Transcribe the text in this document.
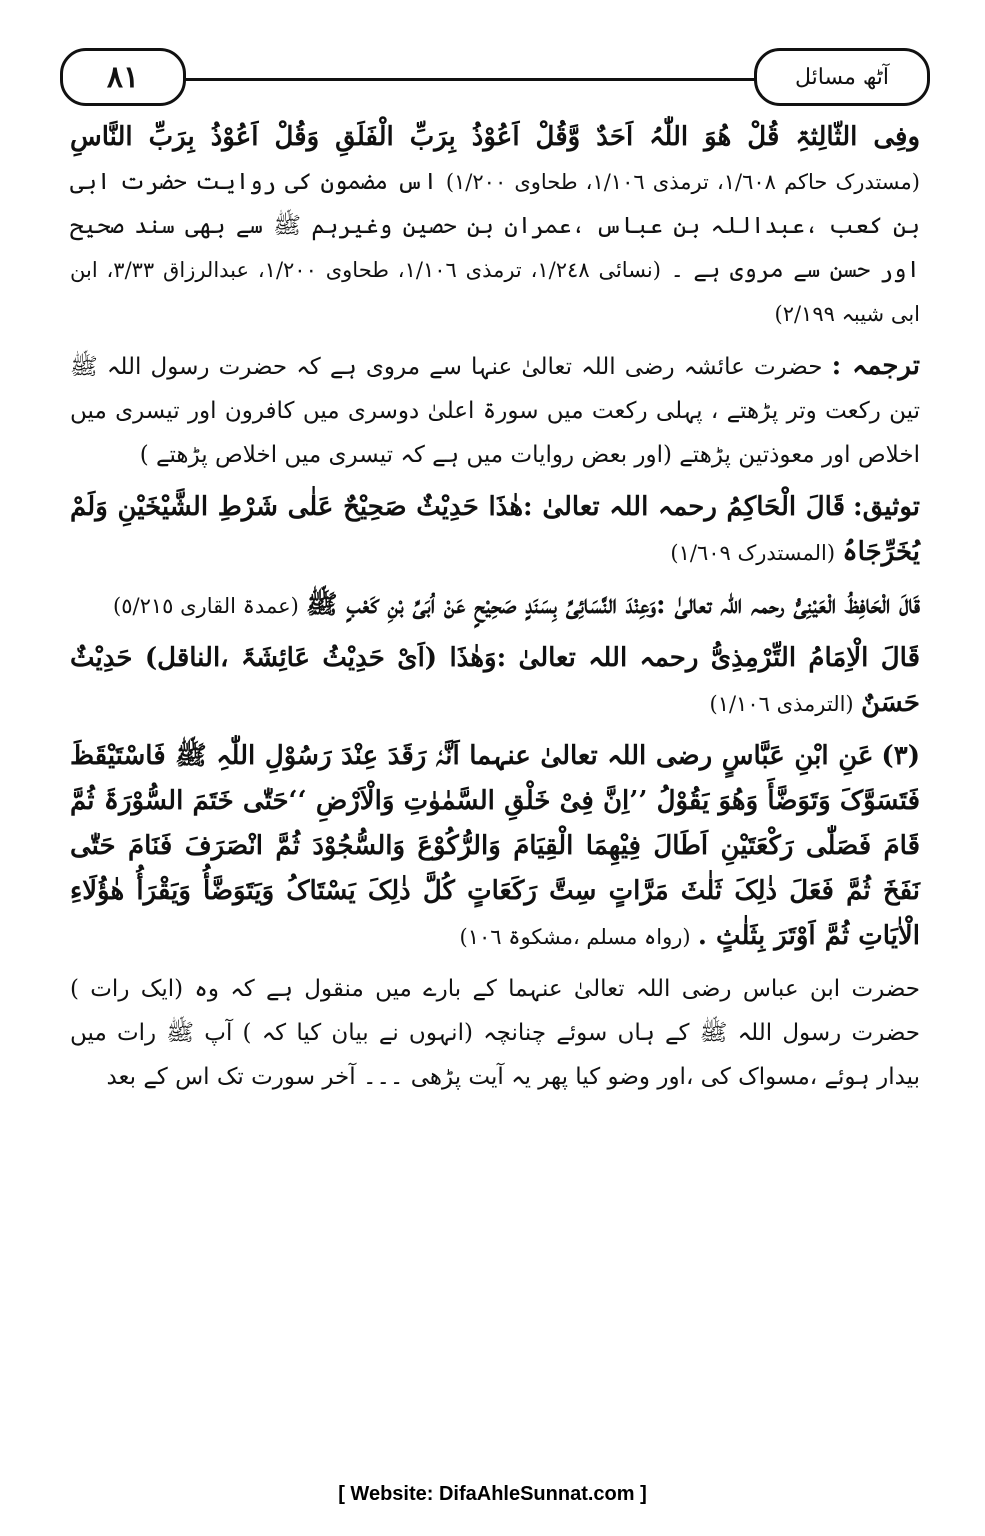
٨١	آٹھ مسائل

وفِی الثّالِثۃِ قُلْ ھُوَ اللّٰہُ اَحَدٌ وَّقُلْ اَعُوْذُ بِرَبِّ الْفَلَقِ وَقُلْ اَعُوْذُ بِرَبِّ النَّاسِ (مستدرک حاکم ١/٦٠٨، ترمذی ١/١٠٦، طحاوی ١/٢٠٠) اس مضمون کی روایت حضرت ابی بن کعب ،عبداللہ بن عباس ،عمران بن حصین وغیرہم ﷺ سے بھی سند صحیح اور حسن سے مروی ہے ۔ (نسائی ١/٢٤٨، ترمذی ١/١٠٦، طحاوی ١/٢٠٠، عبدالرزاق ٣/٣٣، ابن ابی شیبہ ٢/١٩٩)

ترجمہ : حضرت عائشہ رضی اللہ تعالیٰ عنہا سے مروی ہے کہ حضرت رسول اللہ ﷺ تین رکعت وتر پڑھتے ، پہلی رکعت میں سورۃ اعلیٰ دوسری میں کافرون اور تیسری میں اخلاص اور معوذتین پڑھتے (اور بعض روایات میں ہے کہ تیسری میں اخلاص پڑھتے )

توثیق: قَالَ الْحَاکِمُ رحمہ اللہ تعالیٰ :ھٰذَا حَدِیْثٌ صَحِیْحٌ عَلٰی شَرْطِ الشَّیْخَیْنِ وَلَمْ یُخَرِّجَاہُ (المستدرک ١/٦٠٩)

قَالَ الْحَافِظُ الْعَیْنِیُّ رحمہ اللہ تعالیٰ :وَعِنْدَ النَّسَائِیِّ بِسَنَدٍ صَحِیْحٍ عَنْ اُبَیِّ بْنِ کَعْبٍ ﷺ (عمدۃ القاری ٥/٢١٥)

قَالَ الْاِمَامُ التِّرْمِذِیُّ رحمہ اللہ تعالیٰ :وَھٰذَا (اَیْ حَدِیْثُ عَائِشَۃَ ،الناقل) حَدِیْثٌ حَسَنٌ (الترمذی ١/١٠٦)

(٣) عَنِ ابْنِ عَبَّاسٍ رضی اللہ تعالیٰ عنہما اَنَّہٗ رَقَدَ عِنْدَ رَسُوْلِ اللّٰہِ ﷺ فَاسْتَیْقَظَ فَتَسَوَّکَ وَتَوَضَّأَ وَھُوَ یَقُوْلُ ’’اِنَّ فِیْ خَلْقِ السَّمٰوٰتِ وَالْاَرْضِ ‘‘حَتّٰی خَتَمَ السُّوْرَۃَ ثُمَّ قَامَ فَصَلّٰی رَکْعَتَیْنِ اَطَالَ فِیْھِمَا الْقِیَامَ وَالرُّکُوْعَ وَالسُّجُوْدَ ثُمَّ انْصَرَفَ فَنَامَ حَتّٰی نَفَخَ ثُمَّ فَعَلَ ذٰلِکَ ثَلٰثَ مَرَّاتٍ سِتَّ رَکَعَاتٍ کُلَّ ذٰلِکَ یَسْتَاکُ وَیَتَوَضَّأُ وَیَقْرَأُ ھٰؤُلَاءِ الْاٰیَاتِ ثُمَّ اَوْتَرَ بِثَلٰثٍ . (رواہ مسلم ،مشکوۃ ١٠٦)

حضرت ابن عباس رضی اللہ تعالیٰ عنہما کے بارے میں منقول ہے کہ وہ (ایک رات ) حضرت رسول اللہ ﷺ کے ہاں سوئے چنانچہ (انہوں نے بیان کیا کہ ) آپ ﷺ رات میں بیدار ہوئے ،مسواک کی ،اور وضو کیا پھر یہ آیت پڑھی ۔۔۔ آخر سورت تک اس کے بعد

[ Website: DifaAhleSunnat.com ]
